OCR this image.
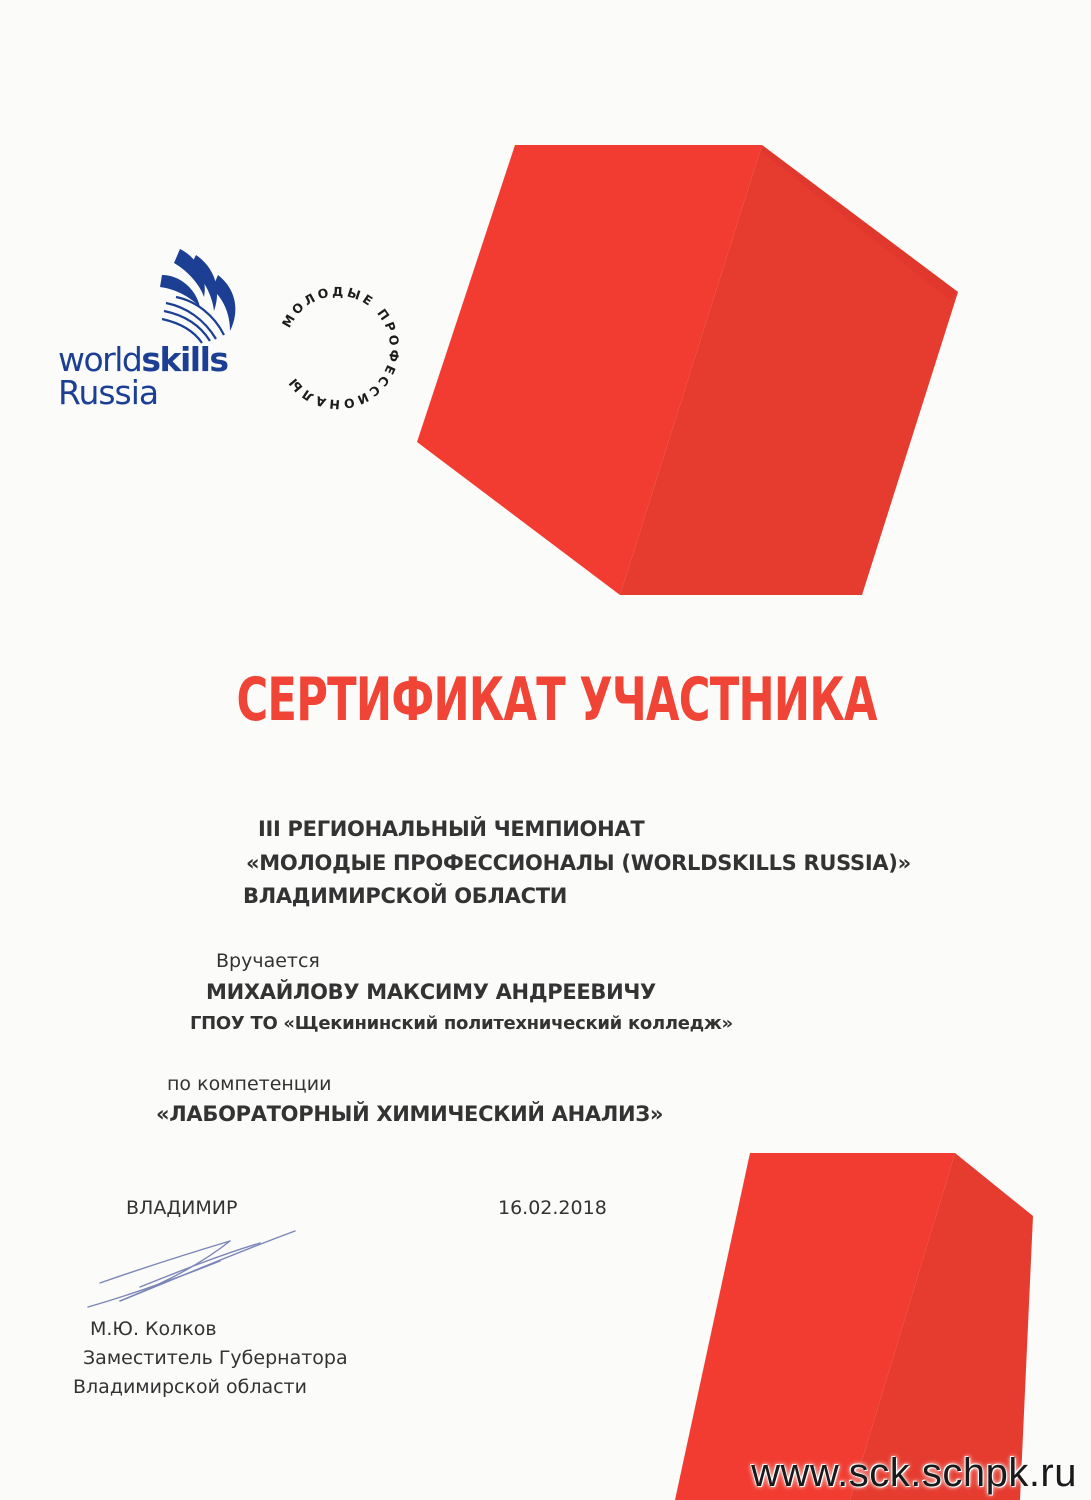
worldskills
Russia
МОЛОДЫЕ ПРОФЕССИОНАЛЫ
СЕРТИФИКАТ УЧАСТНИКА
III РЕГИОНАЛЬНЫЙ ЧЕМПИОНАТ
«МОЛОДЫЕ ПРОФЕССИОНАЛЫ (WORLDSKILLS RUSSIA)»
ВЛАДИМИРСКОЙ ОБЛАСТИ
Вручается
МИХАЙЛОВУ МАКСИМУ АНДРЕЕВИЧУ
ГПОУ ТО «Щекининский политехнический колледж»
по компетенции
«ЛАБОРАТОРНЫЙ ХИМИЧЕСКИЙ АНАЛИЗ»
ВЛАДИМИР	16.02.2018
М.Ю. Колков
Заместитель Губернатора
Владимирской области
www.sck.schpk.ru
